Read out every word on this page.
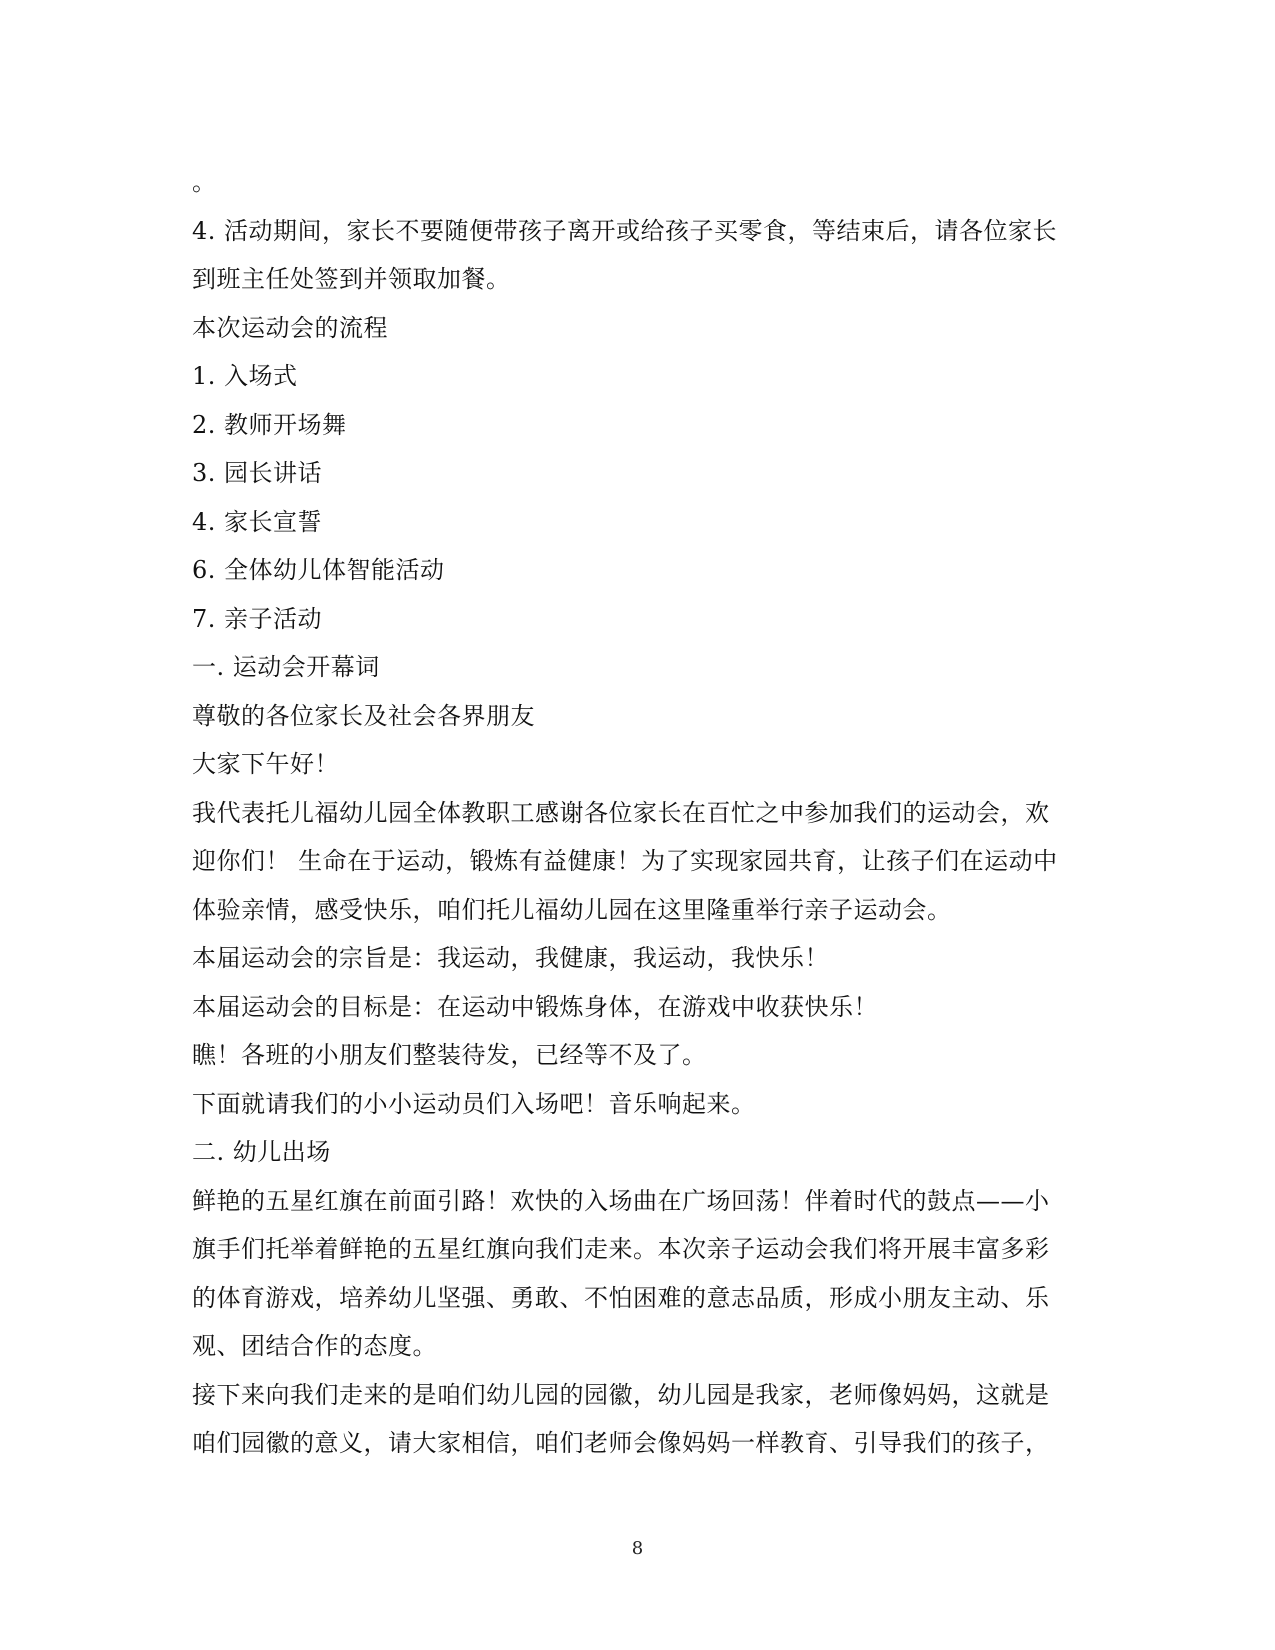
。
4. 活动期间，家长不要随便带孩子离开或给孩子买零食，等结束后，请各位家长
到班主任处签到并领取加餐。
本次运动会的流程
1. 入场式
2. 教师开场舞
3. 园长讲话
4. 家长宣誓
6. 全体幼儿体智能活动
7. 亲子活动
一. 运动会开幕词
尊敬的各位家长及社会各界朋友
大家下午好！
我代表托儿福幼儿园全体教职工感谢各位家长在百忙之中参加我们的运动会，欢
迎你们！ 生命在于运动，锻炼有益健康！为了实现家园共育，让孩子们在运动中
体验亲情，感受快乐，咱们托儿福幼儿园在这里隆重举行亲子运动会。
本届运动会的宗旨是：我运动，我健康，我运动，我快乐！
本届运动会的目标是：在运动中锻炼身体，在游戏中收获快乐！
瞧！各班的小朋友们整装待发，已经等不及了。
下面就请我们的小小运动员们入场吧！音乐响起来。
二. 幼儿出场
鲜艳的五星红旗在前面引路！欢快的入场曲在广场回荡！伴着时代的鼓点——小
旗手们托举着鲜艳的五星红旗向我们走来。本次亲子运动会我们将开展丰富多彩
的体育游戏，培养幼儿坚强、勇敢、不怕困难的意志品质，形成小朋友主动、乐
观、团结合作的态度。
接下来向我们走来的是咱们幼儿园的园徽，幼儿园是我家，老师像妈妈，这就是
咱们园徽的意义，请大家相信，咱们老师会像妈妈一样教育、引导我们的孩子，
8
